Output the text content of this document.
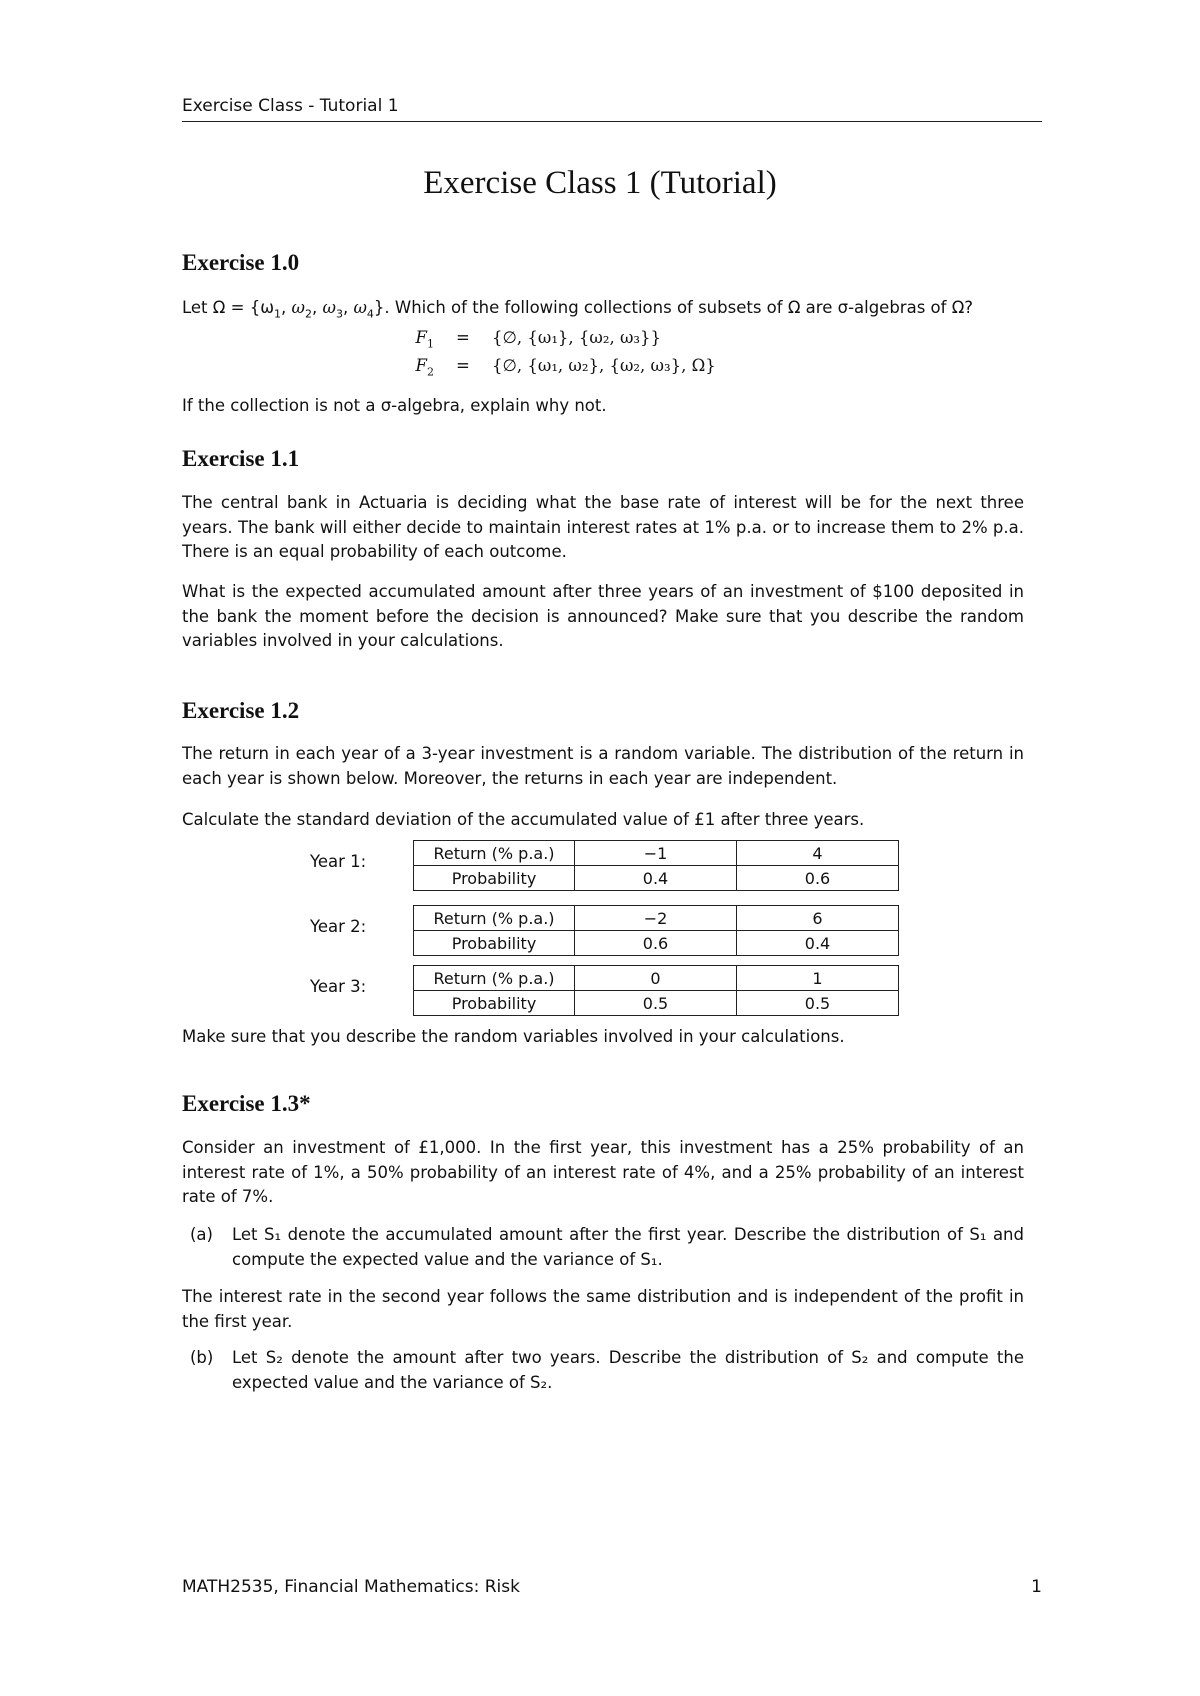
Exercise Class - Tutorial 1
Exercise Class 1 (Tutorial)
Exercise 1.0
Let $\Omega = \{\omega_1$, $\omega_2$, $\omega_3$, $\omega_4$}. Which of the following collections of subsets of Ω are σ-algebras of Ω?
$F_1$ = {∅, {ω₁}, {ω₂, ω₃}}
$F_2$ = {∅, {ω₁, ω₂}, {ω₂, ω₃}, Ω}
If the collection is not a σ-algebra, explain why not.
Exercise 1.1
The central bank in Actuaria is deciding what the base rate of interest will be for the next three years. The bank will either decide to maintain interest rates at 1% p.a. or to increase them to 2% p.a. There is an equal probability of each outcome.
What is the expected accumulated amount after three years of an investment of $100 deposited in the bank the moment before the decision is announced? Make sure that you describe the random variables involved in your calculations.
Exercise 1.2
The return in each year of a 3-year investment is a random variable. The distribution of the return in each year is shown below. Moreover, the returns in each year are independent.
Calculate the standard deviation of the accumulated value of £1 after three years.
Year 1:	Return (% p.a.)	−1	4
Probability	0.4	0.6
Year 2:	Return (% p.a.)	−2	6
Probability	0.6	0.4
Year 3:	Return (% p.a.)	0	1
Probability	0.5	0.5
Make sure that you describe the random variables involved in your calculations.
Exercise 1.3*
Consider an investment of £1,000. In the first year, this investment has a 25% probability of an interest rate of 1%, a 50% probability of an interest rate of 4%, and a 25% probability of an interest rate of 7%.
(a) Let S₁ denote the accumulated amount after the first year. Describe the distribution of S₁ and compute the expected value and the variance of S₁.
The interest rate in the second year follows the same distribution and is independent of the profit in the first year.
(b) Let S₂ denote the amount after two years. Describe the distribution of S₂ and compute the expected value and the variance of S₂.
MATH2535, Financial Mathematics: Risk	1
